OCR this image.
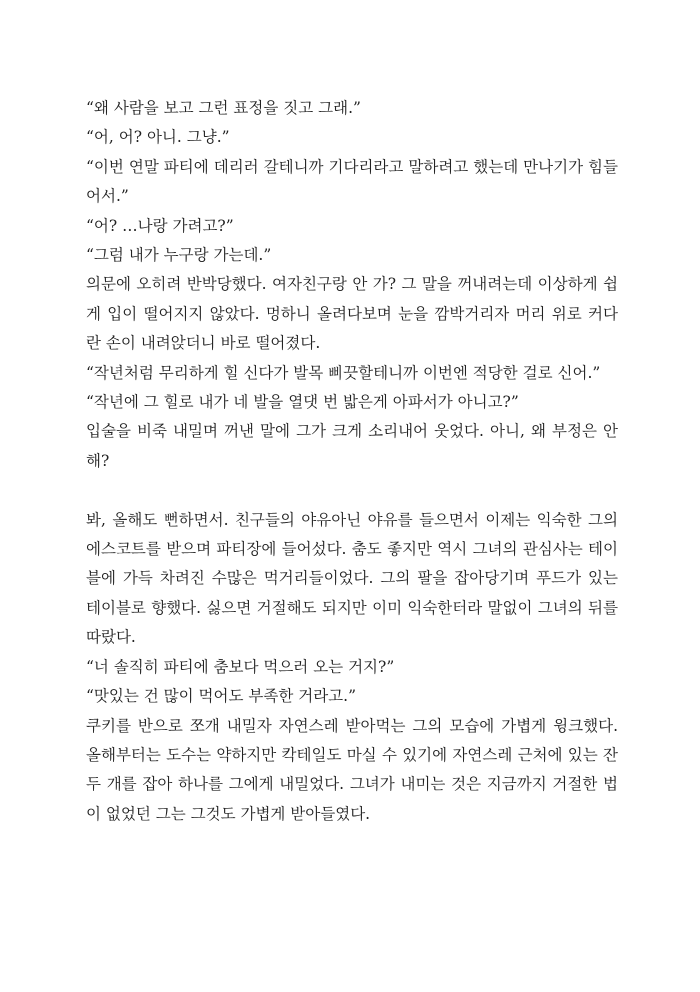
“왜 사람을 보고 그런 표정을 짓고 그래.”

“어, 어? 아니. 그냥.”

“이번 연말 파티에 데리러 갈테니까 기다리라고 말하려고 했는데 만나기가 힘들어서.”

“어? …나랑 가려고?”

“그럼 내가 누구랑 가는데.”

의문에 오히려 반박당했다. 여자친구랑 안 가? 그 말을 꺼내려는데 이상하게 쉽게 입이 떨어지지 않았다. 멍하니 올려다보며 눈을 깜박거리자 머리 위로 커다란 손이 내려앉더니 바로 떨어졌다.

“작년처럼 무리하게 힐 신다가 발목 삐끗할테니까 이번엔 적당한 걸로 신어.”

“작년에 그 힐로 내가 네 발을 열댓 번 밟은게 아파서가 아니고?”

입술을 비죽 내밀며 꺼낸 말에 그가 크게 소리내어 웃었다. 아니, 왜 부정은 안해?

봐, 올해도 뻔하면서. 친구들의 야유아닌 야유를 들으면서 이제는 익숙한 그의 에스코트를 받으며 파티장에 들어섰다. 춤도 좋지만 역시 그녀의 관심사는 테이블에 가득 차려진 수많은 먹거리들이었다. 그의 팔을 잡아당기며 푸드가 있는 테이블로 향했다. 싫으면 거절해도 되지만 이미 익숙한터라 말없이 그녀의 뒤를 따랐다.

“너 솔직히 파티에 춤보다 먹으러 오는 거지?”

“맛있는 건 많이 먹어도 부족한 거라고.”

쿠키를 반으로 쪼개 내밀자 자연스레 받아먹는 그의 모습에 가볍게 윙크했다. 올해부터는 도수는 약하지만 칵테일도 마실 수 있기에 자연스레 근처에 있는 잔 두 개를 잡아 하나를 그에게 내밀었다. 그녀가 내미는 것은 지금까지 거절한 법이 없었던 그는 그것도 가볍게 받아들였다.
